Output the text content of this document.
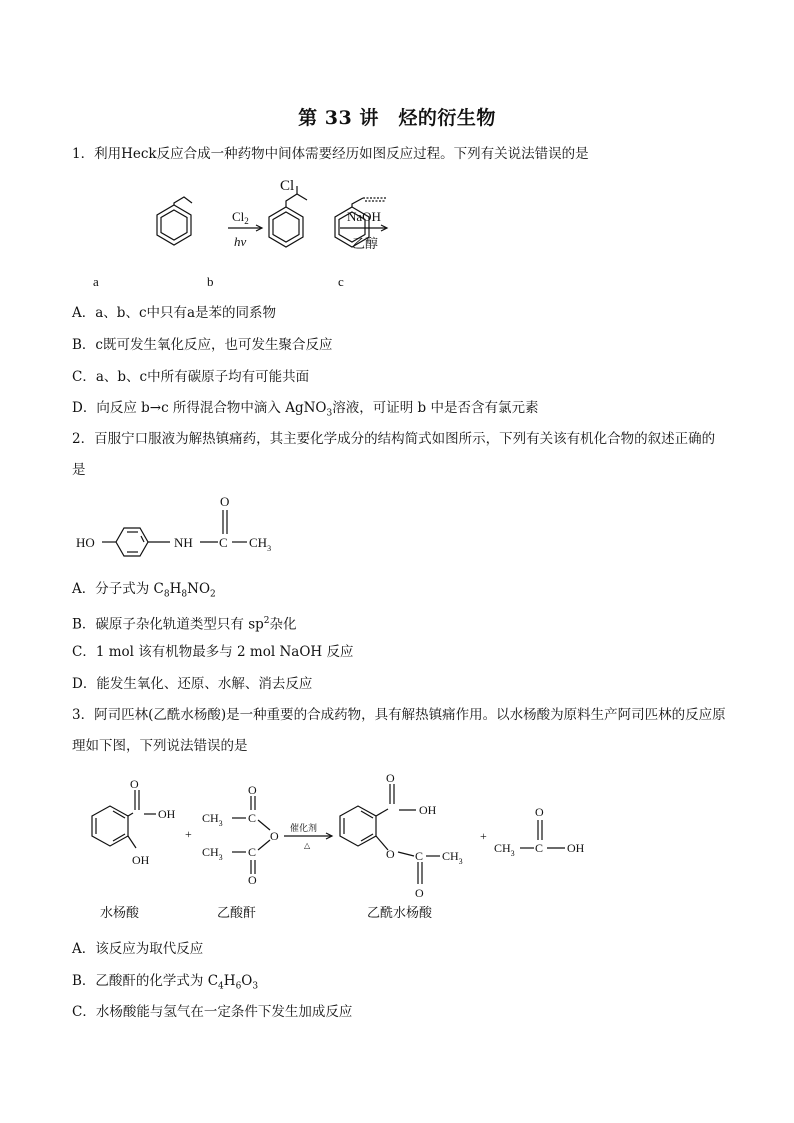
第 33 讲　烃的衍生物
1．利用Heck反应合成一种药物中间体需要经历如图反应过程。下列有关说法错误的是
$Cl_2$
hν
Cl
NaOH
乙醇
a	b	c
A．a、b、c中只有a是苯的同系物
B．c既可发生氧化反应，也可发生聚合反应
C．a、b、c中所有碳原子均有可能共面
D．向反应 b→c 所得混合物中滴入 AgNO$_3$溶液，可证明 b 中是否含有氯元素
2．百服宁口服液为解热镇痛药，其主要化学成分的结构简式如图所示，下列有关该有机化合物的叙述正确的是
HO	NH C
O
$CH_3$
A．分子式为 $C_8H_8NO_2$
B．碳原子杂化轨道类型只有 $sp^2$杂化
C．1 mol 该有机物最多与 2 mol NaOH 反应
D．能发生氧化、还原、水解、消去反应
3．阿司匹林(乙酰水杨酸)是一种重要的合成药物，具有解热镇痛作用。以水杨酸为原料生产阿司匹林的反应原理如下图，下列说法错误的是
O
OH
OH
+
$CH_3$ C
O
O
$CH_3$ C
O
催化剂
△
O
OH
O C
O
$CH_3$
+
$CH_3$ C
O
OH
水杨酸	乙酸酐	乙酰水杨酸
A．该反应为取代反应
B．乙酸酐的化学式为 $C_4H_6O_3$
C．水杨酸能与氢气在一定条件下发生加成反应
